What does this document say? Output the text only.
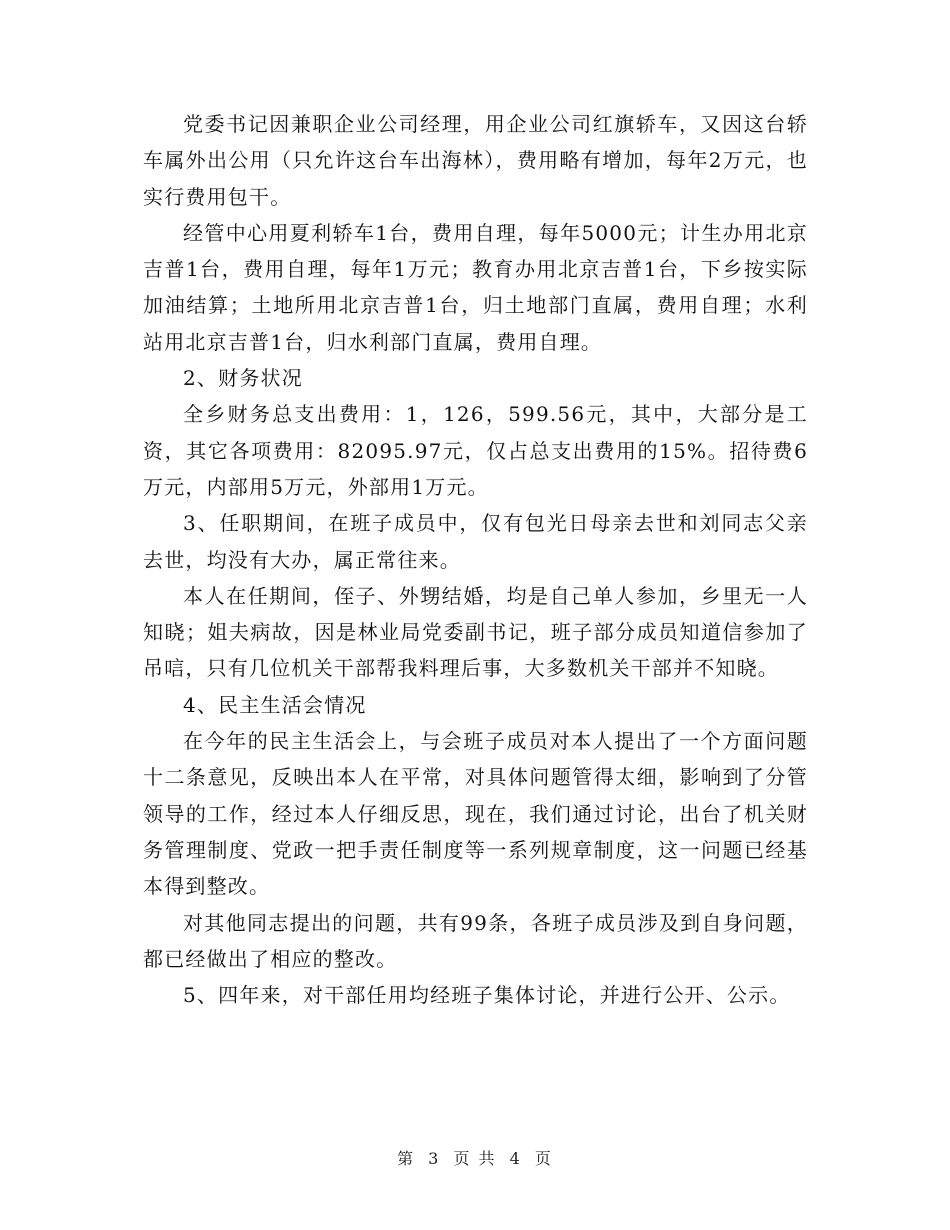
党委书记因兼职企业公司经理，用企业公司红旗轿车，又因这台轿车属外出公用（只允许这台车出海林），费用略有增加，每年2万元，也实行费用包干。

经管中心用夏利轿车1台，费用自理，每年5000元；计生办用北京吉普1台，费用自理，每年1万元；教育办用北京吉普1台，下乡按实际加油结算；土地所用北京吉普1台，归土地部门直属，费用自理；水利站用北京吉普1台，归水利部门直属，费用自理。

2、财务状况

全乡财务总支出费用：1，126，599.56元，其中，大部分是工资，其它各项费用：82095.97元，仅占总支出费用的15%。招待费6万元，内部用5万元，外部用1万元。

3、任职期间，在班子成员中，仅有包光日母亲去世和刘同志父亲去世，均没有大办，属正常往来。

本人在任期间，侄子、外甥结婚，均是自己单人参加，乡里无一人知晓；姐夫病故，因是林业局党委副书记，班子部分成员知道信参加了吊唁，只有几位机关干部帮我料理后事，大多数机关干部并不知晓。

4、民主生活会情况

在今年的民主生活会上，与会班子成员对本人提出了一个方面问题十二条意见，反映出本人在平常，对具体问题管得太细，影响到了分管领导的工作，经过本人仔细反思，现在，我们通过讨论，出台了机关财务管理制度、党政一把手责任制度等一系列规章制度，这一问题已经基本得到整改。

对其他同志提出的问题，共有99条，各班子成员涉及到自身问题，都已经做出了相应的整改。

5、四年来，对干部任用均经班子集体讨论，并进行公开、公示。

第 3 页 共 4 页
